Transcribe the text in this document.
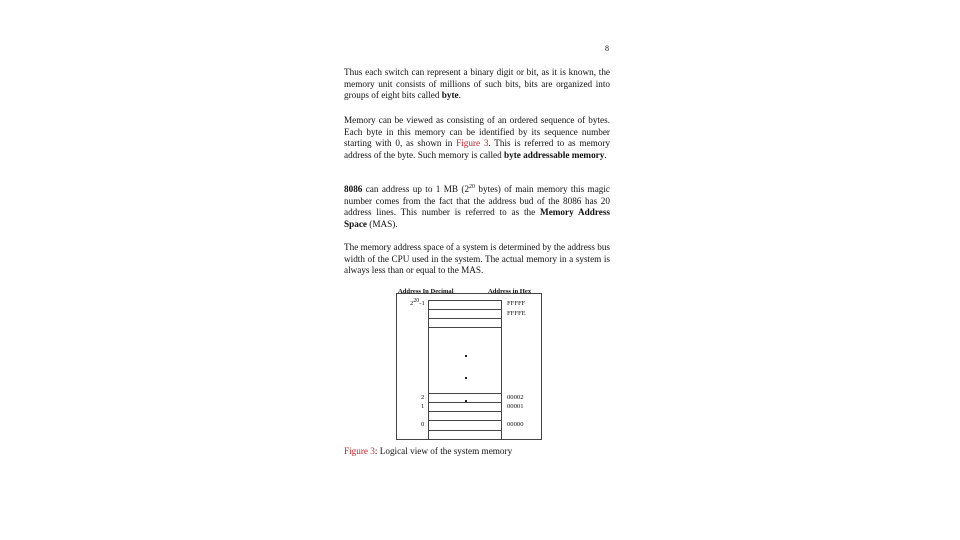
8

Thus each switch can represent a binary digit or bit, as it is known, the memory unit consists of millions of such bits, bits are organized into groups of eight bits called byte.

Memory can be viewed as consisting of an ordered sequence of bytes. Each byte in this memory can be identified by its sequence number starting with 0, as shown in Figure 3. This is referred to as memory address of the byte. Such memory is called byte addressable memory.

8086 can address up to 1 MB ($2^{20}$ bytes) of main memory this magic number comes from the fact that the address bud of the 8086 has 20 address lines. This number is referred to as the Memory Address Space (MAS).

The memory address space of a system is determined by the address bus width of the CPU used in the system. The actual memory in a system is always less than or equal to the MAS.

Address In Decimal	Address in Hex
$2^{20}-1$	FFFFF
FFFFE
2
1
0
00002
00001
00000
Figure 3: Logical view of the system memory
